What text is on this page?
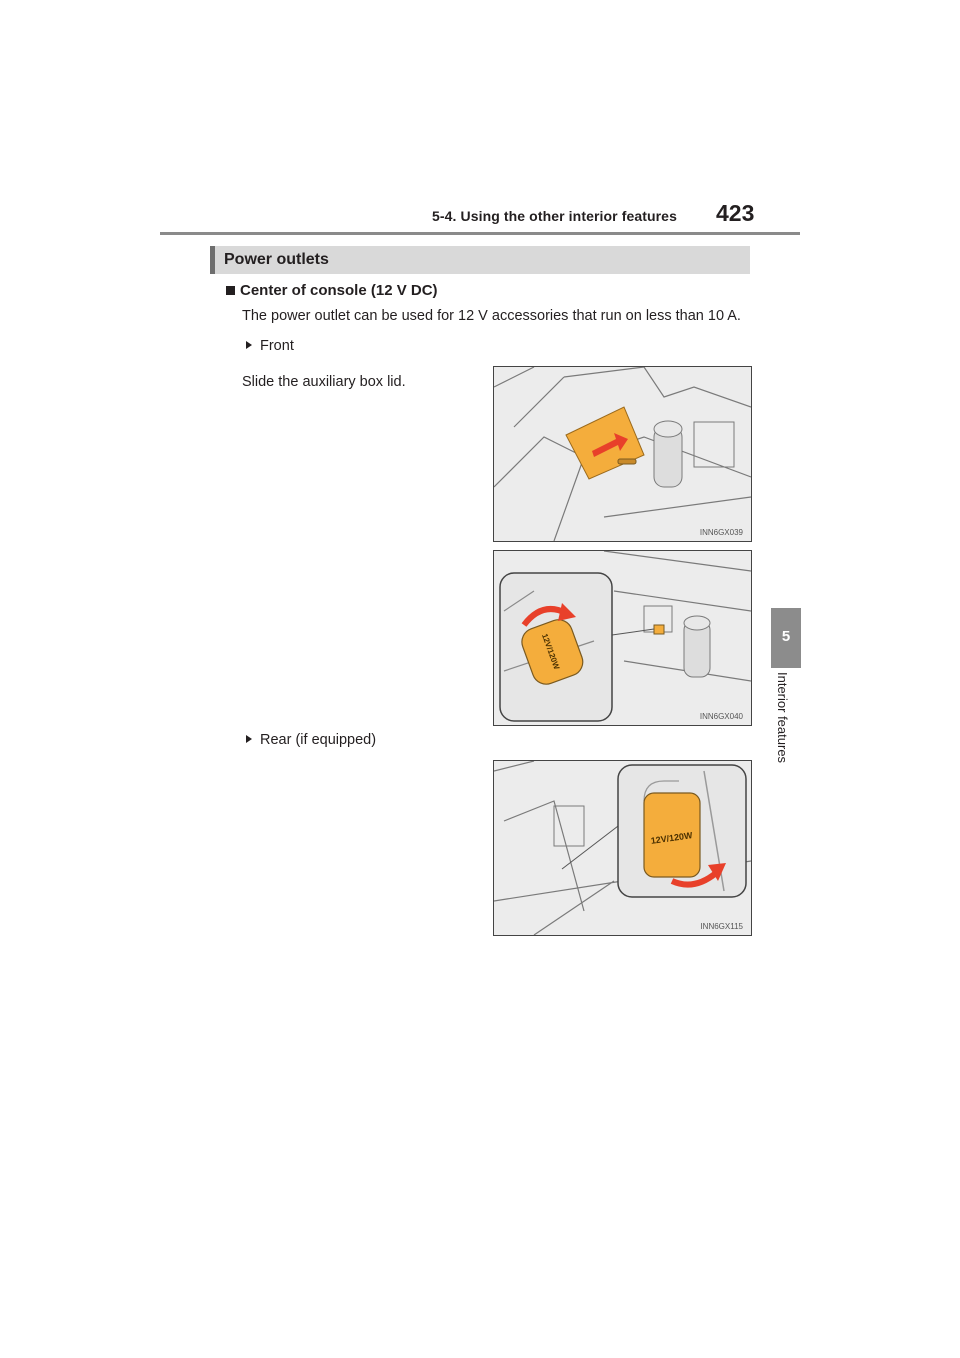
5-4. Using the other interior features 423
5
Interior features
Power outlets
Center of console (12 V DC)
The power outlet can be used for 12 V accessories that run on less than 10 A.
Front
Slide the auxiliary box lid.
INN6GX039
12V/120W
INN6GX040
Rear (if equipped)
12V/120W
INN6GX115
